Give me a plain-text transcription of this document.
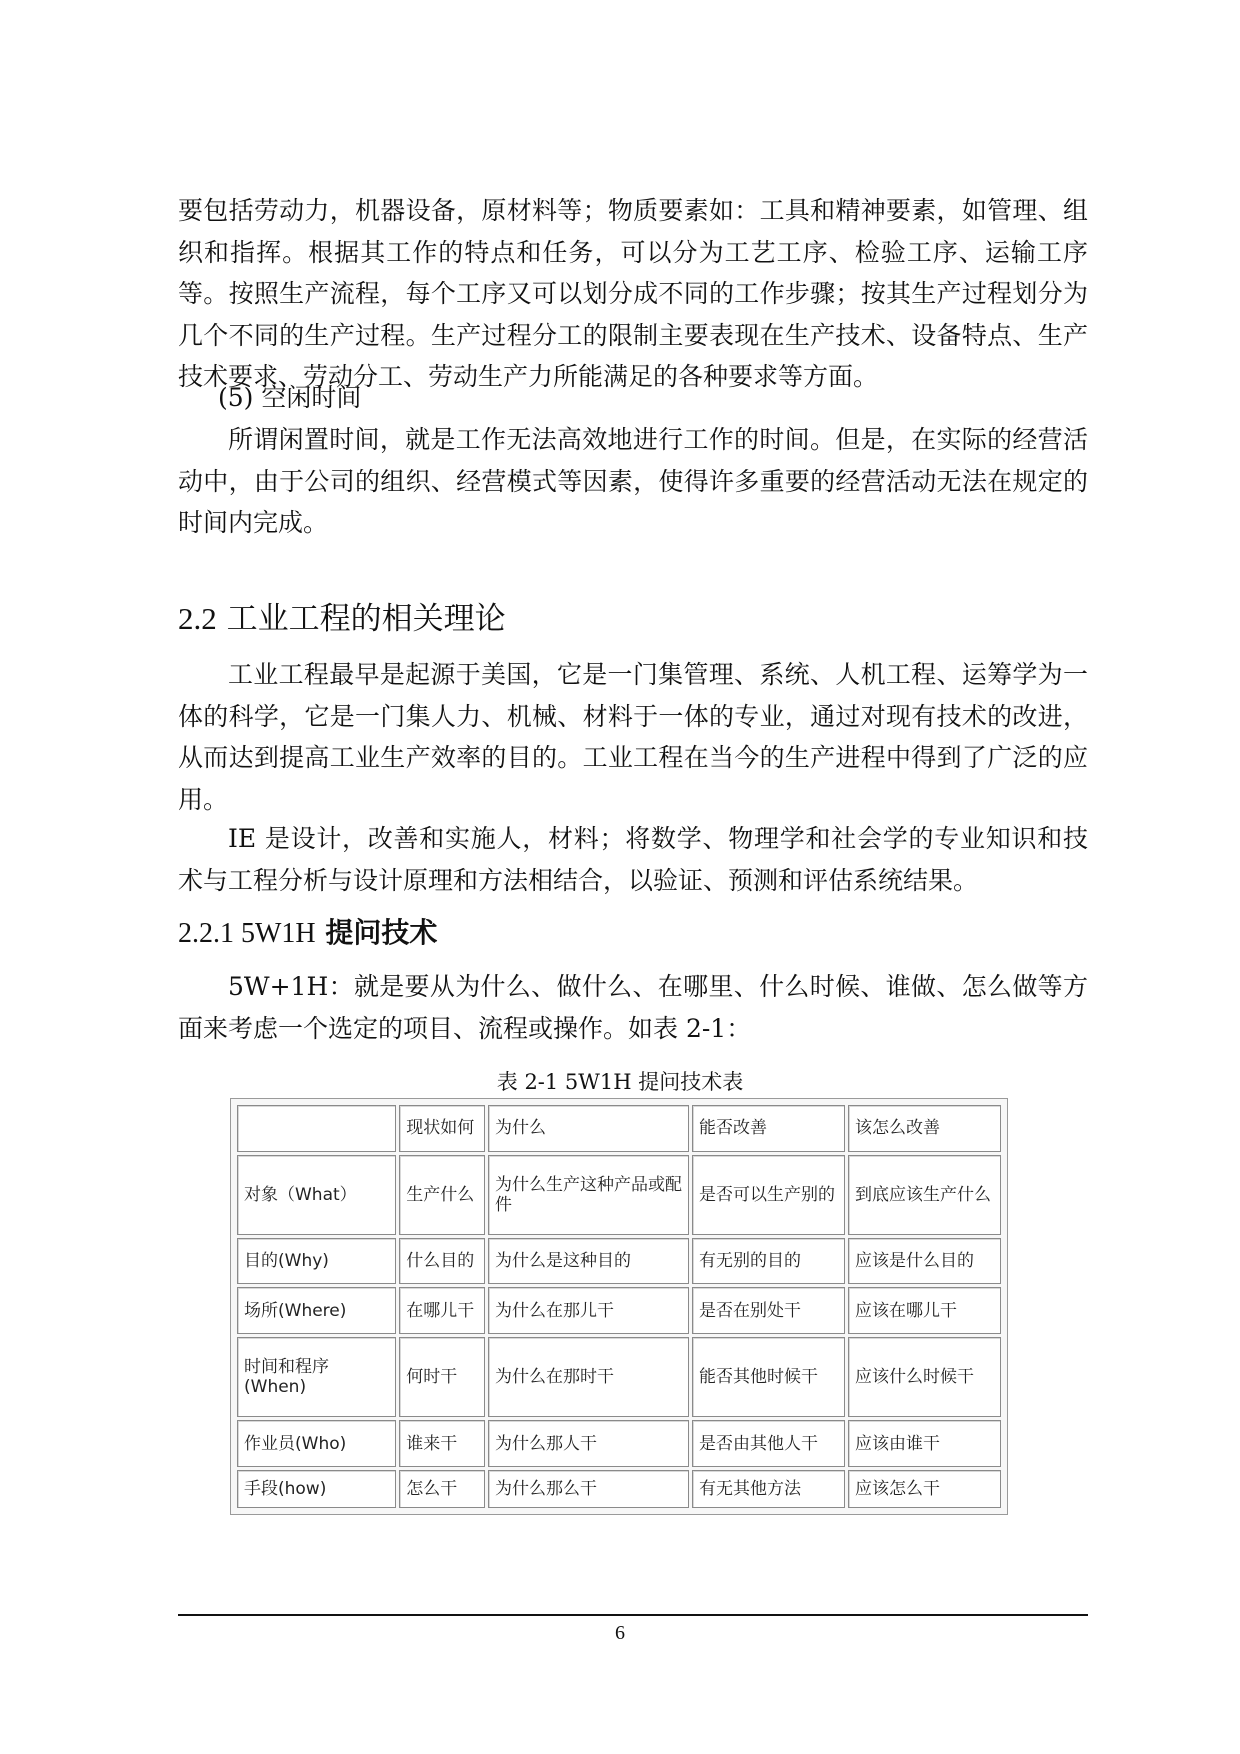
要包括劳动力，机器设备，原材料等；物质要素如：工具和精神要素，如管理、组织和指挥。根据其工作的特点和任务，可以分为工艺工序、检验工序、运输工序等。按照生产流程，每个工序又可以划分成不同的工作步骤；按其生产过程划分为几个不同的生产过程。生产过程分工的限制主要表现在生产技术、设备特点、生产技术要求、劳动分工、劳动生产力所能满足的各种要求等方面。

(5) 空闲时间

所谓闲置时间，就是工作无法高效地进行工作的时间。但是，在实际的经营活动中，由于公司的组织、经营模式等因素，使得许多重要的经营活动无法在规定的时间内完成。

2.2 工业工程的相关理论

工业工程最早是起源于美国，它是一门集管理、系统、人机工程、运筹学为一体的科学，它是一门集人力、机械、材料于一体的专业，通过对现有技术的改进，从而达到提高工业生产效率的目的。工业工程在当今的生产进程中得到了广泛的应用。

IE 是设计，改善和实施人，材料；将数学、物理学和社会学的专业知识和技术与工程分析与设计原理和方法相结合，以验证、预测和评估系统结果。

2.2.1 5W1H 提问技术

5W+1H：就是要从为什么、做什么、在哪里、什么时候、谁做、怎么做等方面来考虑一个选定的项目、流程或操作。如表 2-1：

表 2-1 5W1H 提问技术表

	现状如何	为什么	能否改善	该怎么改善
对象（What）	生产什么	为什么生产这种产品或配件	是否可以生产别的	到底应该生产什么
目的(Why)	什么目的	为什么是这种目的	有无别的目的	应该是什么目的
场所(Where)	在哪儿干	为什么在那儿干	是否在别处干	应该在哪儿干
时间和程序(When)	何时干	为什么在那时干	能否其他时候干	应该什么时候干
作业员(Who)	谁来干	为什么那人干	是否由其他人干	应该由谁干
手段(how)	怎么干	为什么那么干	有无其他方法	应该怎么干

6
